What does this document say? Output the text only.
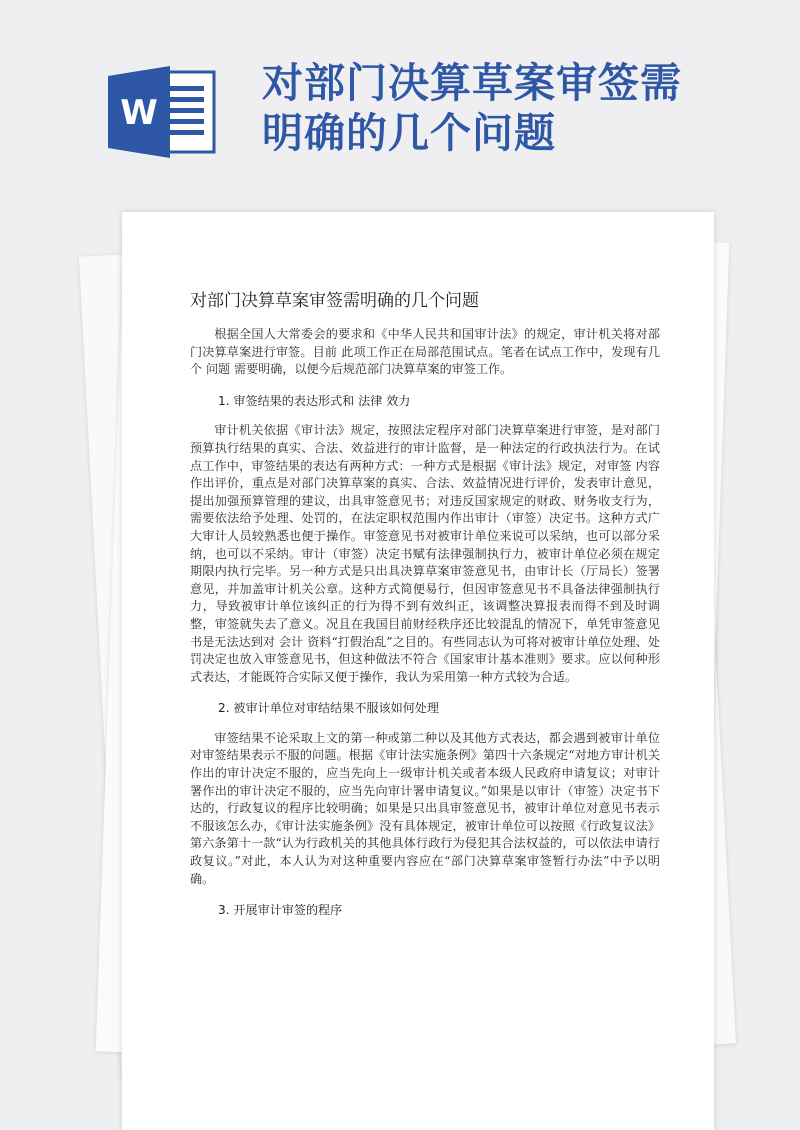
W
对部门决算草案审签需
明确的几个问题
对部门决算草案审签需明确的几个问题

根据全国人大常委会的要求和《中华人民共和国审计法》的规定，审计机关将对部门决算草案进行审签。目前 此项工作正在局部范围试点。笔者在试点工作中，发现有几个 问题 需要明确，以便今后规范部门决算草案的审签工作。

1. 审签结果的表达形式和 法律 效力

审计机关依据《审计法》规定，按照法定程序对部门决算草案进行审签，是对部门预算执行结果的真实、合法、效益进行的审计监督，是一种法定的行政执法行为。在试点工作中，审签结果的表达有两种方式：一种方式是根据《审计法》规定，对审签 内容 作出评价，重点是对部门决算草案的真实、合法、效益情况进行评价，发表审计意见，提出加强预算管理的建议，出具审签意见书；对违反国家规定的财政、财务收支行为，需要依法给予处理、处罚的，在法定职权范围内作出审计（审签）决定书。这种方式广大审计人员较熟悉也便于操作。审签意见书对被审计单位来说可以采纳，也可以部分采纳，也可以不采纳。审计（审签）决定书赋有法律强制执行力，被审计单位必须在规定期限内执行完毕。另一种方式是只出具决算草案审签意见书，由审计长（厅局长）签署意见，并加盖审计机关公章。这种方式简便易行，但因审签意见书不具备法律强制执行力，导致被审计单位该纠正的行为得不到有效纠正，该调整决算报表而得不到及时调整，审签就失去了意义。况且在我国目前财经秩序还比较混乱的情况下，单凭审签意见书是无法达到对 会计 资料“打假治乱”之目的。有些同志认为可将对被审计单位处理、处罚决定也放入审签意见书，但这种做法不符合《国家审计基本准则》要求。应以何种形式表达，才能既符合实际又便于操作，我认为采用第一种方式较为合适。

2. 被审计单位对审结结果不服该如何处理

审签结果不论采取上文的第一种或第二种以及其他方式表达，都会遇到被审计单位对审签结果表示不服的问题。根据《审计法实施条例》第四十六条规定“对地方审计机关作出的审计决定不服的，应当先向上一级审计机关或者本级人民政府申请复议；对审计署作出的审计决定不服的，应当先向审计署申请复议。”如果是以审计（审签）决定书下达的，行政复议的程序比较明确；如果是只出具审签意见书，被审计单位对意见书表示不服该怎么办，《审计法实施条例》没有具体规定，被审计单位可以按照《行政复议法》第六条第十一款“认为行政机关的其他具体行政行为侵犯其合法权益的，可以依法申请行政复议。”对此，本人认为对这种重要内容应在“部门决算草案审签暂行办法”中予以明确。

3. 开展审计审签的程序
